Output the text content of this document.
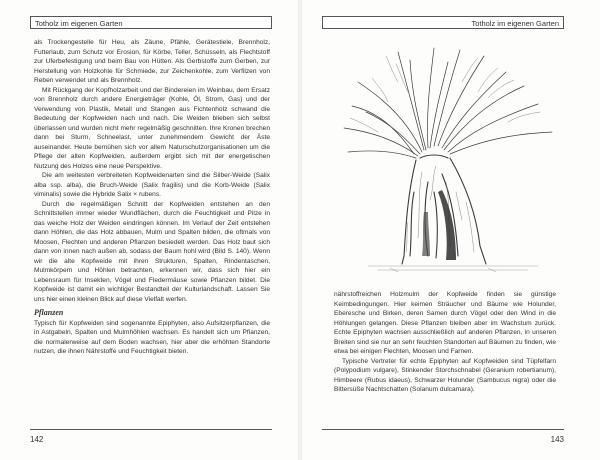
Totholz im eigenen Garten

als Trockengestelle für Heu, als Zäune, Pfähle, Gerätestiele, Brennholz, Futterlaub, zum Schutz vor Erosion, für Körbe, Teller, Schüsseln, als Flechtstoff zur Uferbefestigung und beim Bau von Hütten. Als Gerbstoffe zum Gerben, zur Herstellung von Holzkohle für Schmiede, zur Zeichenkohle, zum Verfilzen von Reben verwendet und als Brennholz.

Mit Rückgang der Kopfholzarbeit und der Bindereien im Weinbau, dem Ersatz von Brennholz durch andere Energieträger (Kohle, Öl, Strom, Gas) und der Verwendung von Plastik, Metall und Stangen aus Fichtenholz schwand die Bedeutung der Kopfweiden nach und nach. Die Weiden blieben sich selbst überlassen und wurden nicht mehr regelmäßig geschnitten. Ihre Kronen brechen dann bei Sturm, Schneelast, unter zunehmendem Gewicht der Äste auseinander. Heute bemühen sich vor allem Naturschutzorganisationen um die Pflege der alten Kopfweiden, außerdem ergibt sich mit der energetischen Nutzung des Holzes eine neue Perspektive.

Die am weitesten verbreiteten Kopfweidenarten sind die Silber-Weide (Salix alba ssp. alba), die Bruch-Weide (Salix fragilis) und die Korb-Weide (Salix viminalis) sowie die Hybride Salix × rubens.

Durch die regelmäßigen Schnitt der Kopfweiden entstehen an den Schnittstellen immer wieder Wundflächen, durch die Feuchtigkeit und Pilze in das weiche Holz der Weiden eindringen können. Im Verlauf der Zeit entstehen dann Höhlen, die das Holz abbauen, Mulm und Spalten bilden, die oftmals von Moosen, Flechten und anderen Pflanzen besiedelt werden. Das Holz baut sich dann von innen nach außen ab, sodass der Baum hohl wird (Bild S. 140). Wenn wir die alte Kopfweide mit ihren Strukturen, Spalten, Rindentaschen, Mulmkörpern und Höhlen betrachten, erkennen wir, dass sich hier ein Lebensraum für Insekten, Vögel und Fledermäuse sowie Pflanzen bildet. Die Kopfweide ist damit ein wichtiger Bestandteil der Kulturlandschaft. Lassen Sie uns hier einen kleinen Blick auf diese Vielfalt werfen.

Pflanzen

Typisch für Kopfweiden sind sogenannte Epiphyten, also Aufsitzerpflanzen, die in Astgabeln, Spalten und Mulmhöhlen wachsen. Es handelt sich um Pflanzen, die normalerweise auf dem Boden wachsen, hier aber die erhöhten Standorte nutzen, die ihnen Nährstoffe und Feuchtigkeit bieten.

142
Totholz im eigenen Garten

nährstoffreichen Holzmulm der Kopfweide finden sie günstige Keimbedingungen. Hier keimen Sträucher und Bäume wie Holunder, Eberesche und Birken, deren Samen durch Vögel oder den Wind in die Höhlungen gelangen. Diese Pflanzen bleiben aber im Wachstum zurück. Echte Epiphyten wachsen ausschließlich auf anderen Pflanzen, in unseren Breiten sind sie nur an sehr feuchten Standorten auf Bäumen zu finden, wie etwa bei einigen Flechten, Moosen und Farnen.

Typische Vertreter für echte Epiphyten auf Kopfweiden sind Tüpfelfarn (Polypodium vulgare), Stinkender Storchschnabel (Geranium robertianum), Himbeere (Rubus idaeus), Schwarzer Holunder (Sambucus nigra) oder die Bittersüße Nachtschatten (Solanum dulcamara).

143
